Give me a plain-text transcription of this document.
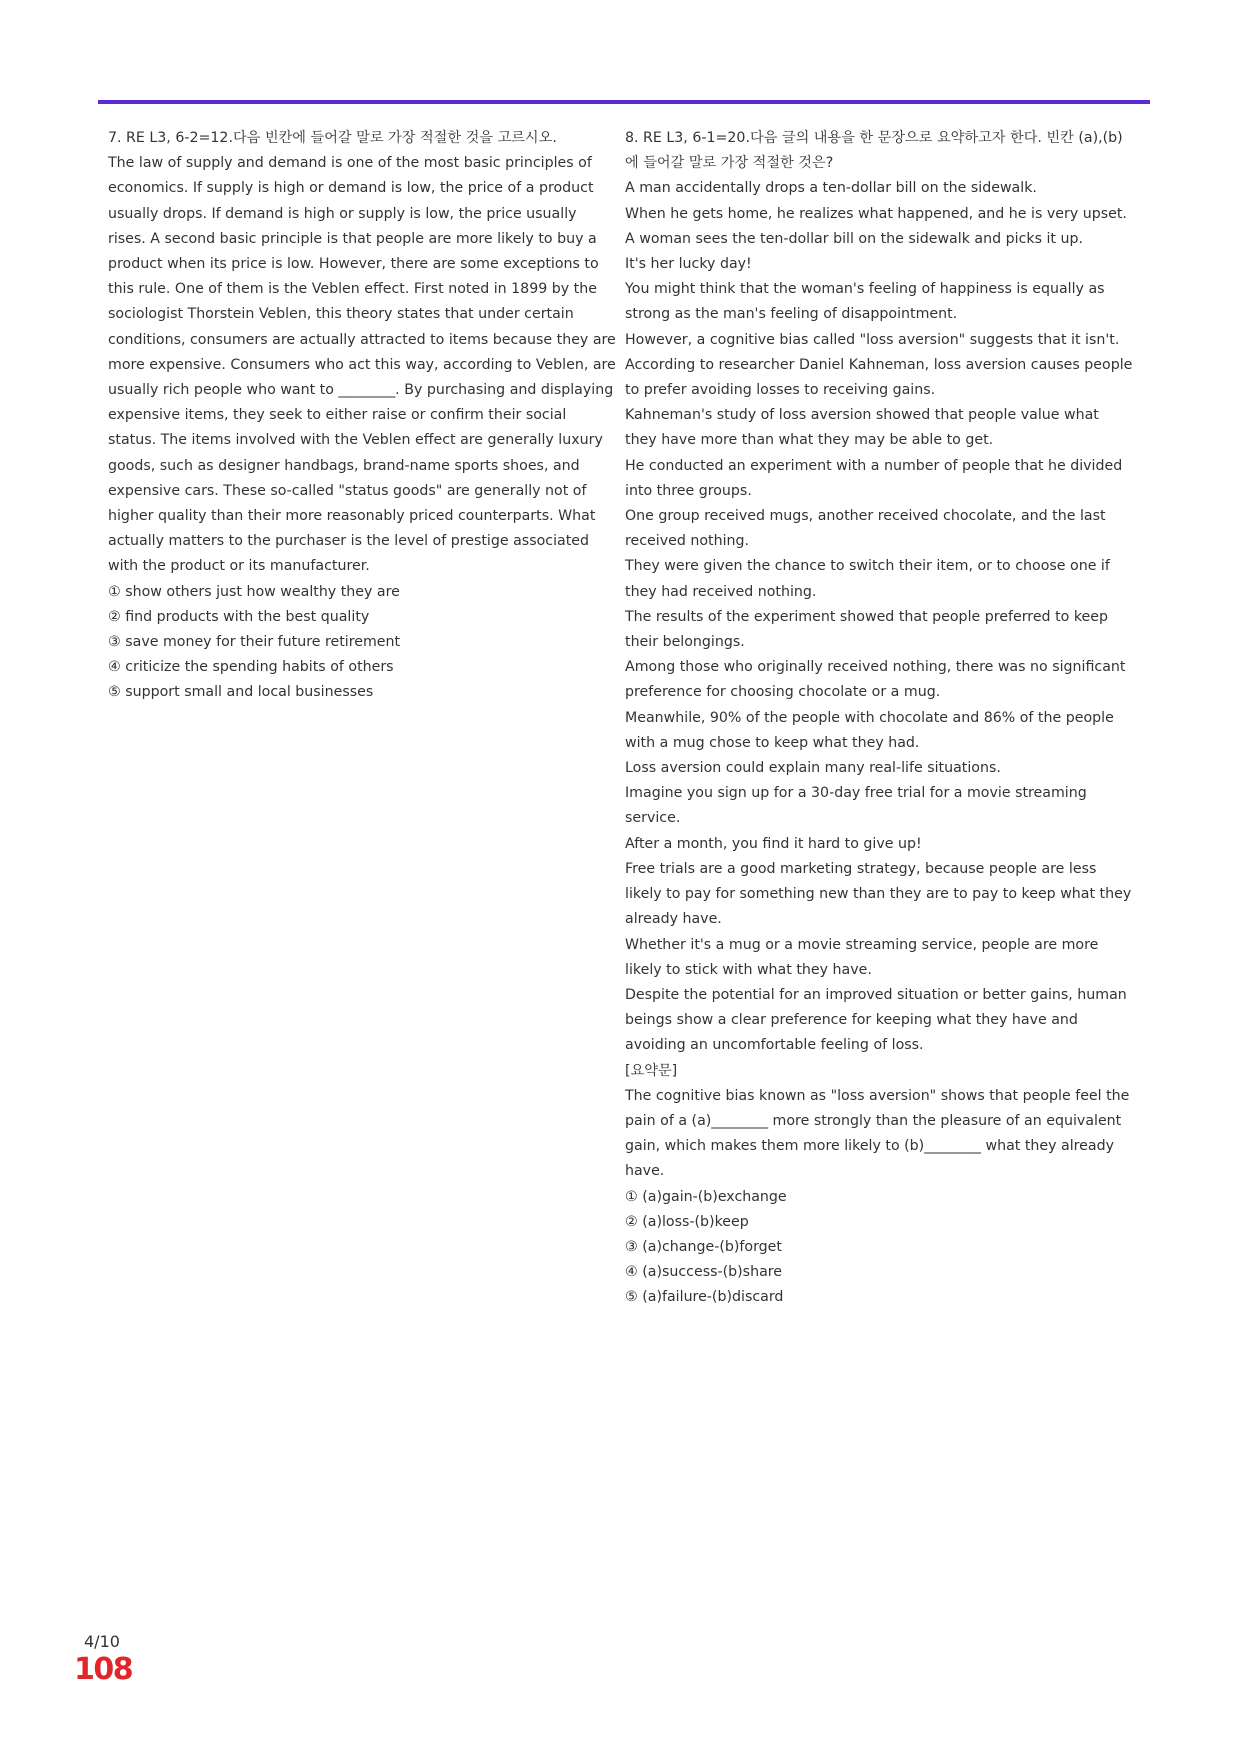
7. RE L3, 6-2=12.다음 빈칸에 들어갈 말로 가장 적절한 것을 고르시오.

The law of supply and demand is one of the most basic principles of economics. If supply is high or demand is low, the price of a product usually drops. If demand is high or supply is low, the price usually rises. A second basic principle is that people are more likely to buy a product when its price is low. However, there are some exceptions to this rule. One of them is the Veblen effect. First noted in 1899 by the sociologist Thorstein Veblen, this theory states that under certain conditions, consumers are actually attracted to items because they are more expensive. Consumers who act this way, according to Veblen, are usually rich people who want to ________. By purchasing and displaying expensive items, they seek to either raise or confirm their social status. The items involved with the Veblen effect are generally luxury goods, such as designer handbags, brand-name sports shoes, and expensive cars. These so-called "status goods" are generally not of higher quality than their more reasonably priced counterparts. What actually matters to the purchaser is the level of prestige associated with the product or its manufacturer.

① show others just how wealthy they are

② find products with the best quality

③ save money for their future retirement

④ criticize the spending habits of others

⑤ support small and local businesses

8. RE L3, 6-1=20.다음 글의 내용을 한 문장으로 요약하고자 한다. 빈칸 (a),(b)에 들어갈 말로 가장 적절한 것은?

A man accidentally drops a ten-dollar bill on the sidewalk.

When he gets home, he realizes what happened, and he is very upset.

A woman sees the ten-dollar bill on the sidewalk and picks it up.

It's her lucky day!

You might think that the woman's feeling of happiness is equally as strong as the man's feeling of disappointment.

However, a cognitive bias called "loss aversion" suggests that it isn't.

According to researcher Daniel Kahneman, loss aversion causes people to prefer avoiding losses to receiving gains.

Kahneman's study of loss aversion showed that people value what they have more than what they may be able to get.

He conducted an experiment with a number of people that he divided into three groups.

One group received mugs, another received chocolate, and the last received nothing.

They were given the chance to switch their item, or to choose one if they had received nothing.

The results of the experiment showed that people preferred to keep their belongings.

Among those who originally received nothing, there was no significant preference for choosing chocolate or a mug.

Meanwhile, 90% of the people with chocolate and 86% of the people with a mug chose to keep what they had.

Loss aversion could explain many real-life situations.

Imagine you sign up for a 30-day free trial for a movie streaming service.

After a month, you find it hard to give up!

Free trials are a good marketing strategy, because people are less likely to pay for something new than they are to pay to keep what they already have.

Whether it's a mug or a movie streaming service, people are more likely to stick with what they have.

Despite the potential for an improved situation or better gains, human beings show a clear preference for keeping what they have and avoiding an uncomfortable feeling of loss.

[요약문]

The cognitive bias known as "loss aversion" shows that people feel the pain of a (a)________ more strongly than the pleasure of an equivalent gain, which makes them more likely to (b)________ what they already have.

① (a)gain-(b)exchange

② (a)loss-(b)keep

③ (a)change-(b)forget

④ (a)success-(b)share

⑤ (a)failure-(b)discard

4/10
108
